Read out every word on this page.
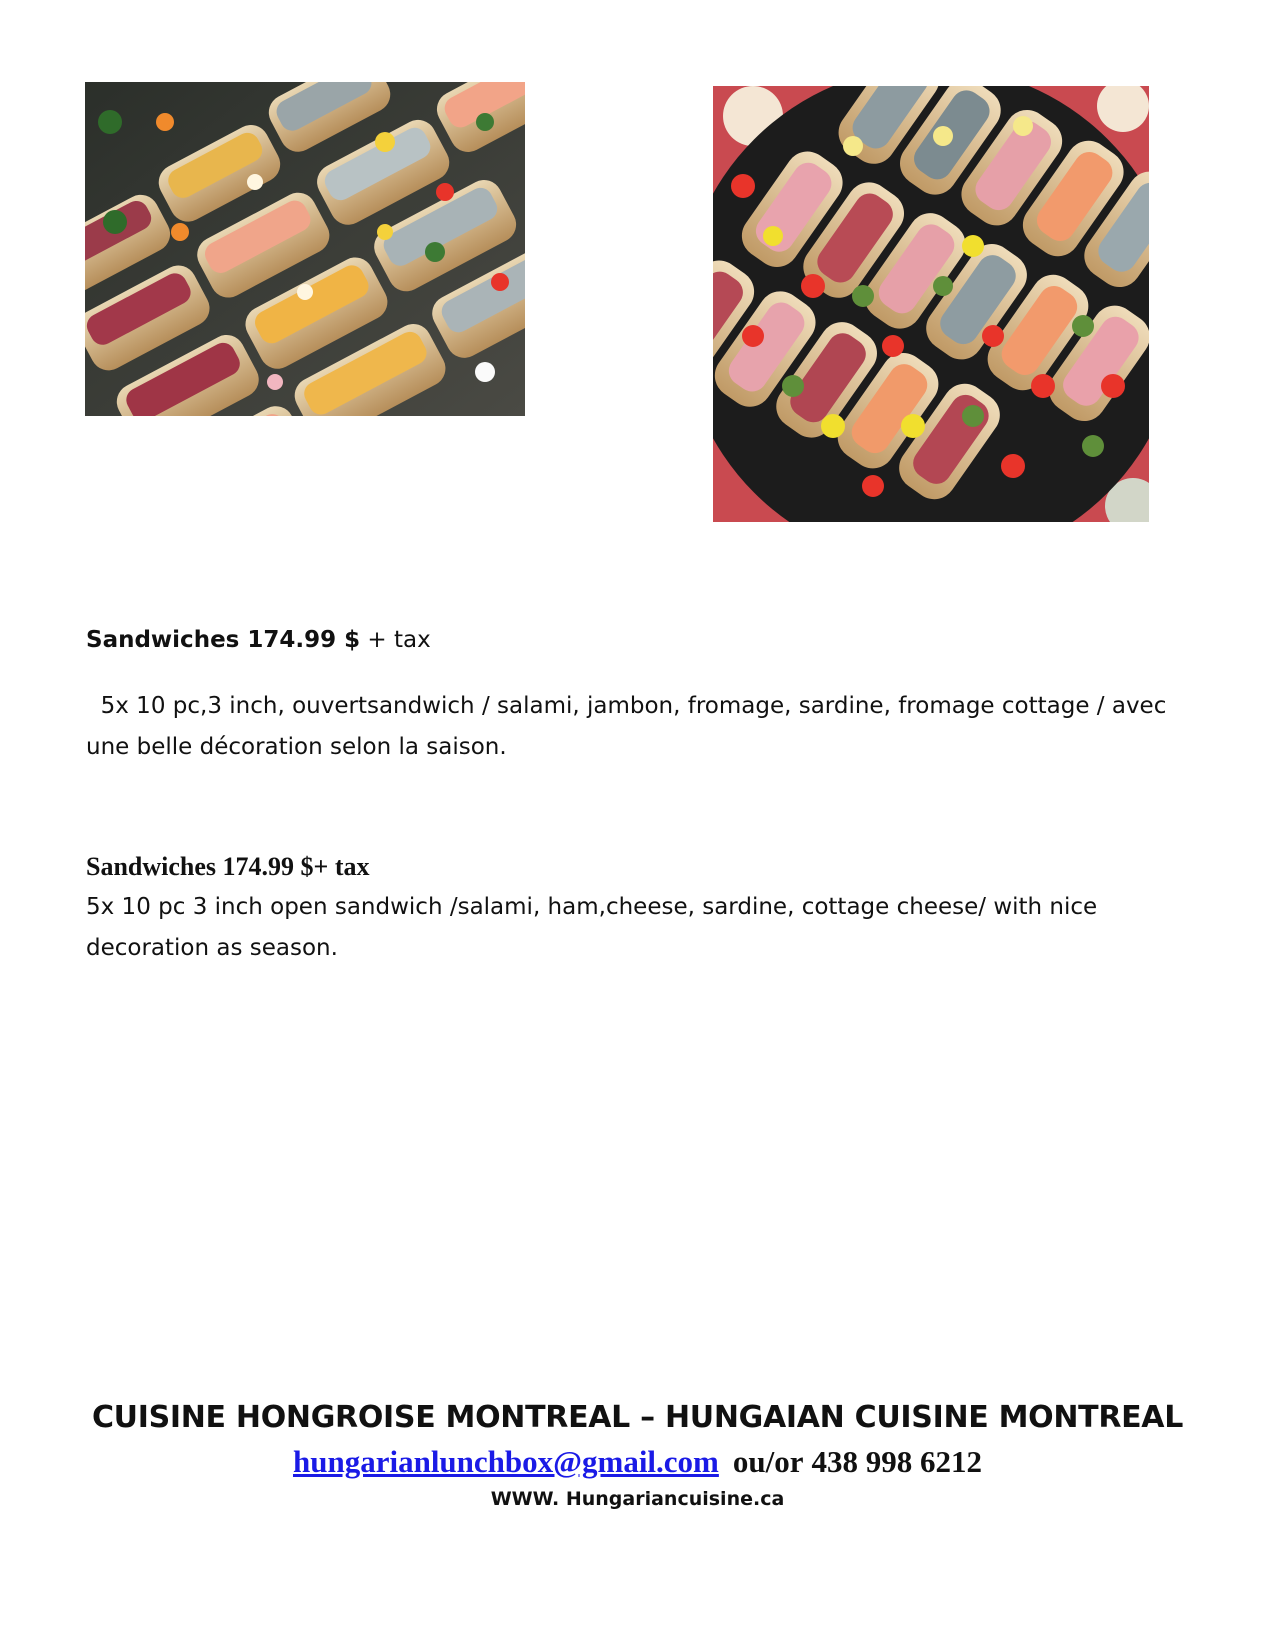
Sandwiches 174.99 $ + tax
5x 10 pc,3 inch, ouvertsandwich / salami, jambon, fromage, sardine, fromage cottage / avec une belle décoration selon la saison.
Sandwiches 174.99 $+ tax
5x 10 pc 3 inch open sandwich /salami, ham,cheese, sardine, cottage cheese/ with nice decoration as season.
CUISINE HONGROISE MONTREAL – HUNGAIAN CUISINE MONTREAL
hungarianlunchbox@gmail.com ou/or 438 998 6212
WWW. Hungariancuisine.ca
